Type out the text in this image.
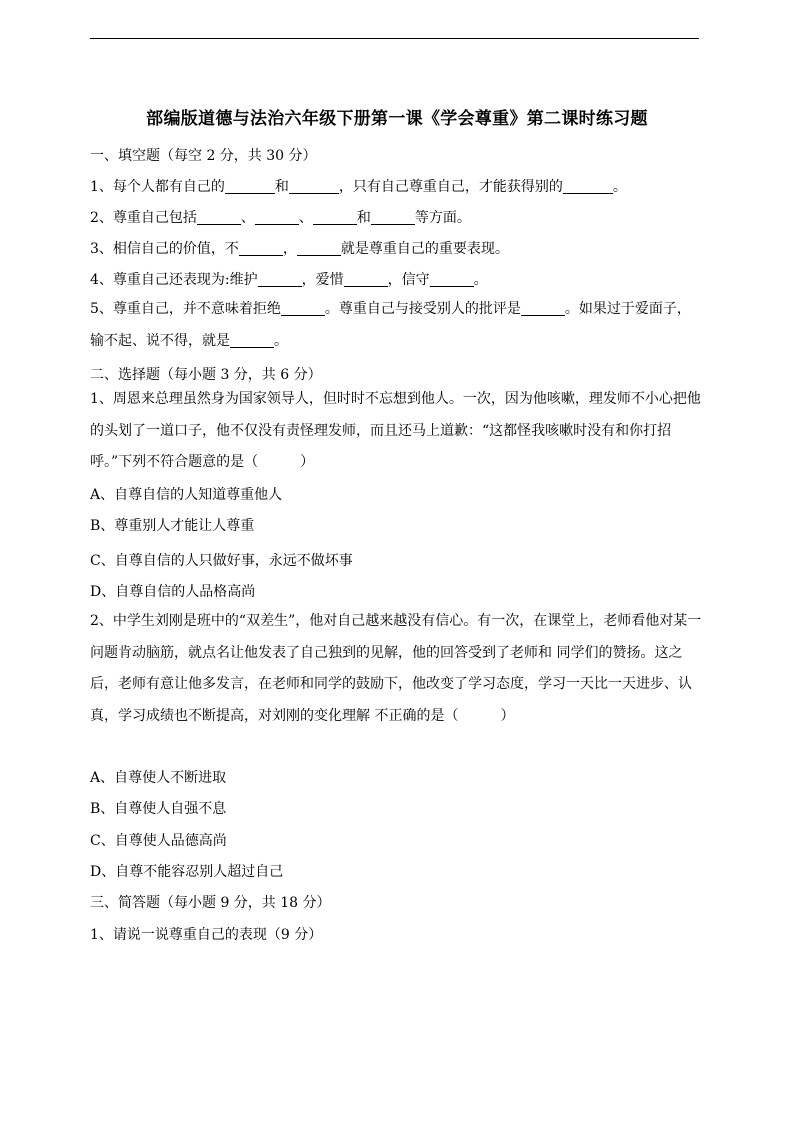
部编版道德与法治六年级下册第一课《学会尊重》第二课时练习题
一、填空题（每空 2 分，共 30 分）
1、每个人都有自己的	和	，只有自己尊重自己，才能获得别的	。
2、尊重自己包括	、	、	和	等方面。
3、相信自己的价值，不	，	就是尊重自己的重要表现。
4、尊重自己还表现为:维护	，爱惜	，信守	。
5、尊重自己，并不意味着拒绝	。尊重自己与接受别人的批评是	。如果过于爱面子，输不起、说不得，就是	。
二、选择题（每小题 3 分，共 6 分）
1、周恩来总理虽然身为国家领导人，但时时不忘想到他人。一次，因为他咳嗽，理发师不小心把他的头划了一道口子，他不仅没有责怪理发师，而且还马上道歉：“这都怪我咳嗽时没有和你打招呼。”下列不符合题意的是（　　　）
A、自尊自信的人知道尊重他人
B、尊重别人才能让人尊重
C、自尊自信的人只做好事，永远不做坏事
D、自尊自信的人品格高尚
2、中学生刘刚是班中的“双差生”，他对自己越来越没有信心。有一次，在课堂上，老师看他对某一问题肯动脑筋，就点名让他发表了自己独到的见解，他的回答受到了老师和 同学们的赞扬。这之后，老师有意让他多发言，在老师和同学的鼓励下，他改变了学习态度，学习一天比一天进步、认真，学习成绩也不断提高，对刘刚的变化理解 不正确的是（　　　）
A、自尊使人不断进取
B、自尊使人自强不息
C、自尊使人品德高尚
D、自尊不能容忍别人超过自己
三、简答题（每小题 9 分，共 18 分）
1、请说一说尊重自己的表现（9 分）
